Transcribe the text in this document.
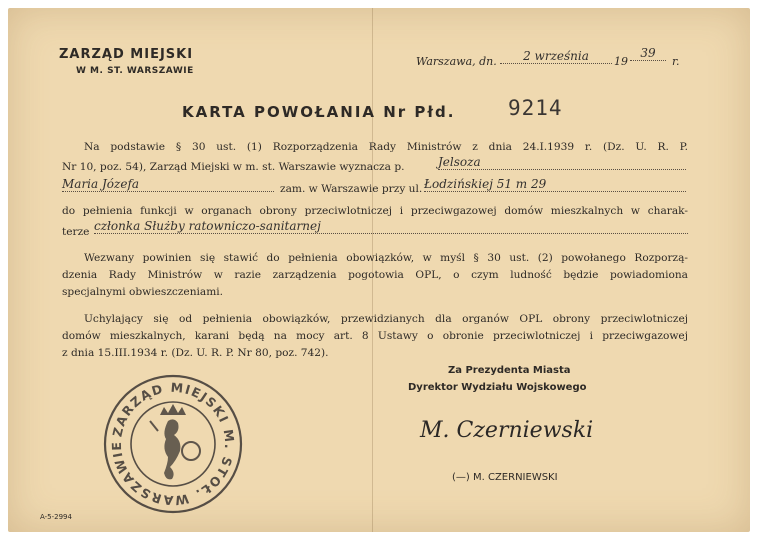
ZARZĄD MIEJSKI
W M. ST. WARSZAWIE
Warszawa, dn.	2 września	19
39
r.
KARTA POWOŁANIA Nr Płd.	9214
Na podstawie § 30 ust. (1) Rozporządzenia Rady Ministrów z dnia 24.I.1939 r. (Dz. U. R. P.
Nr 10, poz. 54), Zarząd Miejski w m. st. Warszawie wyznacza p.	Jelsoza
Maria Józefa	zam. w Warszawie przy ul. Łodzińskiej 51 m 29
do pełnienia funkcji w organach obrony przeciwlotniczej i przeciwgazowej domów mieszkalnych w charak-
terze członka Służby ratowniczo-sanitarnej
Wezwany powinien się stawić do pełnienia obowiązków, w myśl § 30 ust. (2) powołanego Rozporzą-
dzenia Rady Ministrów w razie zarządzenia pogotowia OPL, o czym ludność będzie powiadomiona
specjalnymi obwieszczeniami.
Uchylający się od pełnienia obowiązków, przewidzianych dla organów OPL obrony przeciwlotniczej
domów mieszkalnych, karani będą na mocy art. 8 Ustawy o obronie przeciwlotniczej i przeciwgazowej
z dnia 15.III.1934 r. (Dz. U. R. P. Nr 80, poz. 742).
Za Prezydenta Miasta
Dyrektor Wydziału Wojskowego
M. Czerniewski
(—) M. CZERNIEWSKI
ZARZĄD MIEJSKI M. STOŁ. WARSZAWIE
A-5-2994
